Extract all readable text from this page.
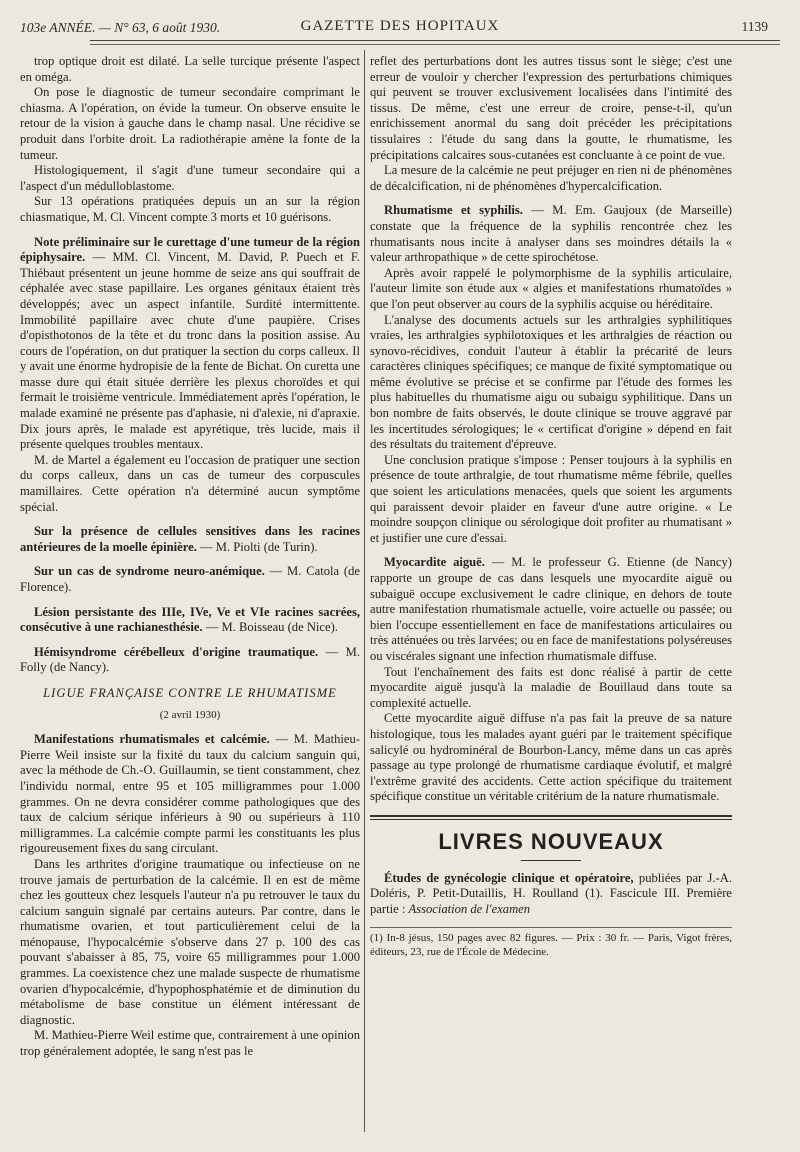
103e ANNÉE. — N° 63, 6 août 1930.	GAZETTE DES HOPITAUX	1139

trop optique droit est dilaté. La selle turcique présente l'aspect en oméga.

On pose le diagnostic de tumeur secondaire comprimant le chiasma. A l'opération, on évide la tumeur. On observe ensuite le retour de la vision à gauche dans le champ nasal. Une récidive se produit dans l'orbite droit. La radiothérapie amène la fonte de la tumeur.

Histologiquement, il s'agit d'une tumeur secondaire qui a l'aspect d'un médulloblastome.

Sur 13 opérations pratiquées depuis un an sur la région chiasmatique, M. Cl. Vincent compte 3 morts et 10 guérisons.

Note préliminaire sur le curettage d'une tumeur de la région épiphysaire. — MM. Cl. Vincent, M. David, P. Puech et F. Thiébaut présentent un jeune homme de seize ans qui souffrait de céphalée avec stase papillaire. Les organes génitaux étaient très développés; avec un aspect infantile. Surdité intermittente. Immobilité papillaire avec chute d'une paupière. Crises d'opisthotonos de la tête et du tronc dans la position assise. Au cours de l'opération, on dut pratiquer la section du corps calleux. Il y avait une énorme hydropisie de la fente de Bichat. On curetta une masse dure qui était située derrière les plexus choroïdes et qui fermait le troisième ventricule. Immédiatement après l'opération, le malade examiné ne présente pas d'aphasie, ni d'alexie, ni d'apraxie. Dix jours après, le malade est apyrétique, très lucide, mais il présente quelques troubles mentaux.

M. de Martel a également eu l'occasion de pratiquer une section du corps calleux, dans un cas de tumeur des corpuscules mamillaires. Cette opération n'a déterminé aucun symptôme spécial.

Sur la présence de cellules sensitives dans les racines antérieures de la moelle épinière. — M. Piolti (de Turin).

Sur un cas de syndrome neuro-anémique. — M. Catola (de Florence).

Lésion persistante des IIIe, IVe, Ve et VIe racines sacrées, consécutive à une rachianesthésie. — M. Boisseau (de Nice).

Hémisyndrome cérébelleux d'origine traumatique. — M. Folly (de Nancy).

LIGUE FRANÇAISE CONTRE LE RHUMATISME
(2 avril 1930)

Manifestations rhumatismales et calcémie. — M. Mathieu-Pierre Weil insiste sur la fixité du taux du calcium sanguin qui, avec la méthode de Ch.-O. Guillaumin, se tient constamment, chez l'individu normal, entre 95 et 105 milligrammes pour 1.000 grammes. On ne devra considérer comme pathologiques que des taux de calcium sérique inférieurs à 90 ou supérieurs à 110 milligrammes. La calcémie compte parmi les constituants les plus rigoureusement fixes du sang circulant.

Dans les arthrites d'origine traumatique ou infectieuse on ne trouve jamais de perturbation de la calcémie. Il en est de même chez les goutteux chez lesquels l'auteur n'a pu retrouver le taux du calcium sanguin signalé par certains auteurs. Par contre, dans le rhumatisme ovarien, et tout particulièrement celui de la ménopause, l'hypocalcémie s'observe dans 27 p. 100 des cas pouvant s'abaisser à 85, 75, voire 65 milligrammes pour 1.000 grammes. La coexistence chez une malade suspecte de rhumatisme ovarien d'hypocalcémie, d'hypophosphatémie et de diminution du métabolisme de base constitue un élément intéressant de diagnostic.

M. Mathieu-Pierre Weil estime que, contrairement à une opinion trop généralement adoptée, le sang n'est pas le

reflet des perturbations dont les autres tissus sont le siège; c'est une erreur de vouloir y chercher l'expression des perturbations chimiques qui peuvent se trouver exclusivement localisées dans l'intimité des tissus. De même, c'est une erreur de croire, pense-t-il, qu'un enrichissement anormal du sang doit précéder les précipitations tissulaires : l'étude du sang dans la goutte, le rhumatisme, les précipitations calcaires sous-cutanées est concluante à ce point de vue.

La mesure de la calcémie ne peut préjuger en rien ni de phénomènes de décalcification, ni de phénomènes d'hypercalcification.

Rhumatisme et syphilis. — M. Em. Gaujoux (de Marseille) constate que la fréquence de la syphilis rencontrée chez les rhumatisants nous incite à analyser dans ses moindres détails la « valeur arthropathique » de cette spirochétose.

Après avoir rappelé le polymorphisme de la syphilis articulaire, l'auteur limite son étude aux « algies et manifestations rhumatoïdes » que l'on peut observer au cours de la syphilis acquise ou héréditaire.

L'analyse des documents actuels sur les arthralgies syphilitiques vraies, les arthralgies syphilotoxiques et les arthralgies de réaction ou synovo-récidives, conduit l'auteur à établir la précarité de leurs caractères cliniques spécifiques; ce manque de fixité symptomatique ou même évolutive se précise et se confirme par l'étude des formes les plus habituelles du rhumatisme aigu ou subaigu syphilitique. Dans un bon nombre de faits observés, le doute clinique se trouve aggravé par les incertitudes sérologiques; le « certificat d'origine » dépend en fait des résultats du traitement d'épreuve.

Une conclusion pratique s'impose : Penser toujours à la syphilis en présence de toute arthralgie, de tout rhumatisme même fébrile, quelles que soient les articulations menacées, quels que soient les arguments qui paraissent devoir plaider en faveur d'une autre origine. « Le moindre soupçon clinique ou sérologique doit profiter au rhumatisant » et justifier une cure d'essai.

Myocardite aiguë. — M. le professeur G. Etienne (de Nancy) rapporte un groupe de cas dans lesquels une myocardite aiguë ou subaiguë occupe exclusivement le cadre clinique, en dehors de toute autre manifestation rhumatismale actuelle, voire actuelle ou passée; ou bien l'occupe essentiellement en face de manifestations articulaires ou très atténuées ou très larvées; ou en face de manifestations polyséreuses ou viscérales signant une infection rhumatismale diffuse.

Tout l'enchaînement des faits est donc réalisé à partir de cette myocardite aiguë jusqu'à la maladie de Bouillaud dans toute sa complexité actuelle.

Cette myocardite aiguë diffuse n'a pas fait la preuve de sa nature histologique, tous les malades ayant guéri par le traitement spécifique salicylé ou hydrominéral de Bourbon-Lancy, même dans un cas après passage au type prolongé de rhumatisme cardiaque évolutif, et malgré l'extrême gravité des accidents. Cette action spécifique du traitement spécifique constitue un véritable critérium de la nature rhumatismale.

LIVRES NOUVEAUX

Études de gynécologie clinique et opératoire, publiées par J.-A. Doléris, P. Petit-Dutaillis, H. Roulland (1). Fascicule III. Première partie : Association de l'examen

(1) In-8 jésus, 150 pages avec 82 figures. — Prix : 30 fr. — Paris, Vigot frères, éditeurs, 23, rue de l'École de Médecine.
